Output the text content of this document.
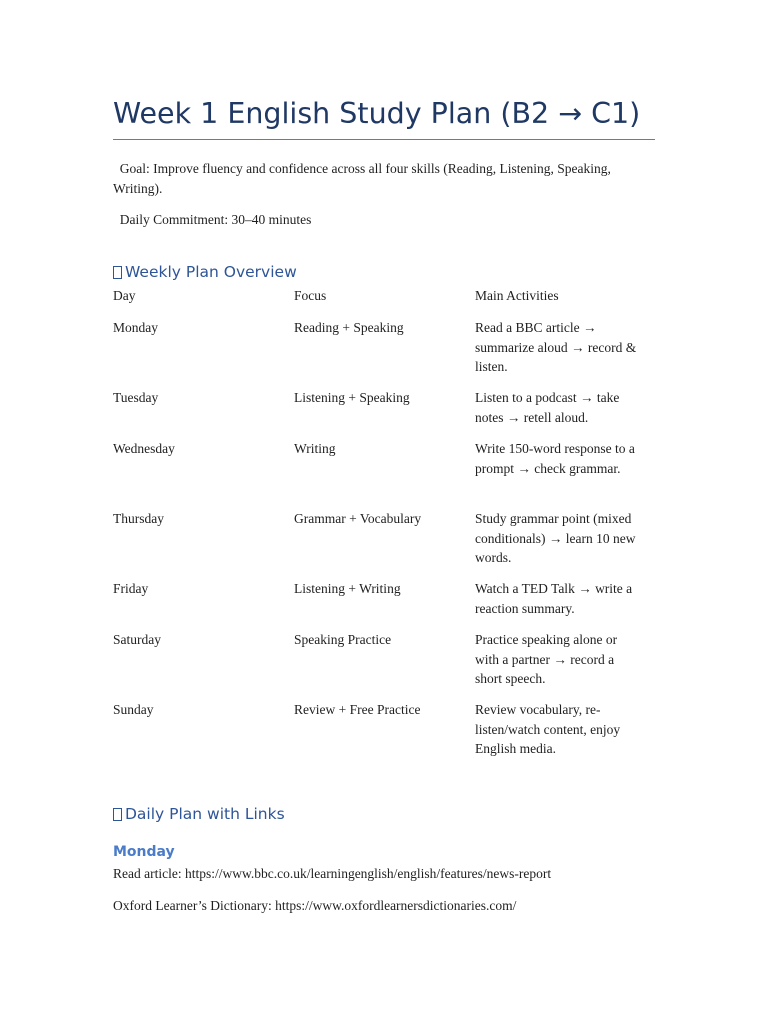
Week 1 English Study Plan (B2 → C1)
Goal: Improve fluency and confidence across all four skills (Reading, Listening, Speaking, Writing).
Daily Commitment: 30–40 minutes
Weekly Plan Overview
Day	Focus	Main Activities
Monday	Reading + Speaking	Read a BBC article → summarize aloud → record & listen.
Tuesday	Listening + Speaking	Listen to a podcast → take notes → retell aloud.
Wednesday	Writing	Write 150-word response to a prompt → check grammar.
Thursday	Grammar + Vocabulary	Study grammar point (mixed conditionals) → learn 10 new words.
Friday	Listening + Writing	Watch a TED Talk → write a reaction summary.
Saturday	Speaking Practice	Practice speaking alone or with a partner → record a short speech.
Sunday	Review + Free Practice	Review vocabulary, re-listen/watch content, enjoy English media.
Daily Plan with Links
Monday
Read article: https://www.bbc.co.uk/learningenglish/english/features/news-report
Oxford Learner’s Dictionary: https://www.oxfordlearnersdictionaries.com/
